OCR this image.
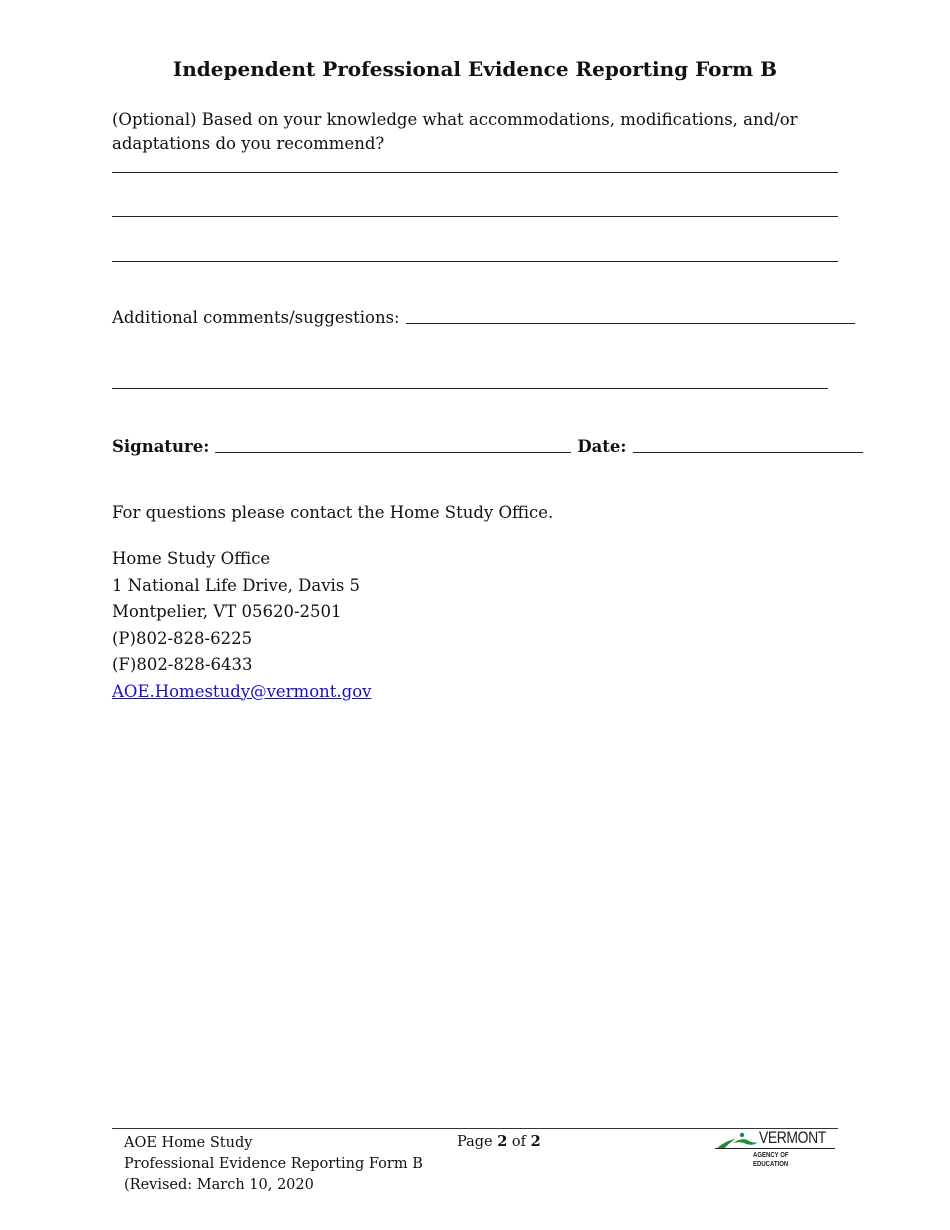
Independent Professional Evidence Reporting Form B
(Optional) Based on your knowledge what accommodations, modifications, and/or adaptations do you recommend?
Additional comments/suggestions:
Signature:	Date:
For questions please contact the Home Study Office.
Home Study Office
1 National Life Drive, Davis 5
Montpelier, VT 05620-2501
(P)802-828-6225
(F)802-828-6433
AOE.Homestudy@vermont.gov
AOE Home Study
Professional Evidence Reporting Form B
(Revised: March 10, 2020
Page 2 of 2	VERMONT
AGENCY OF EDUCATION
